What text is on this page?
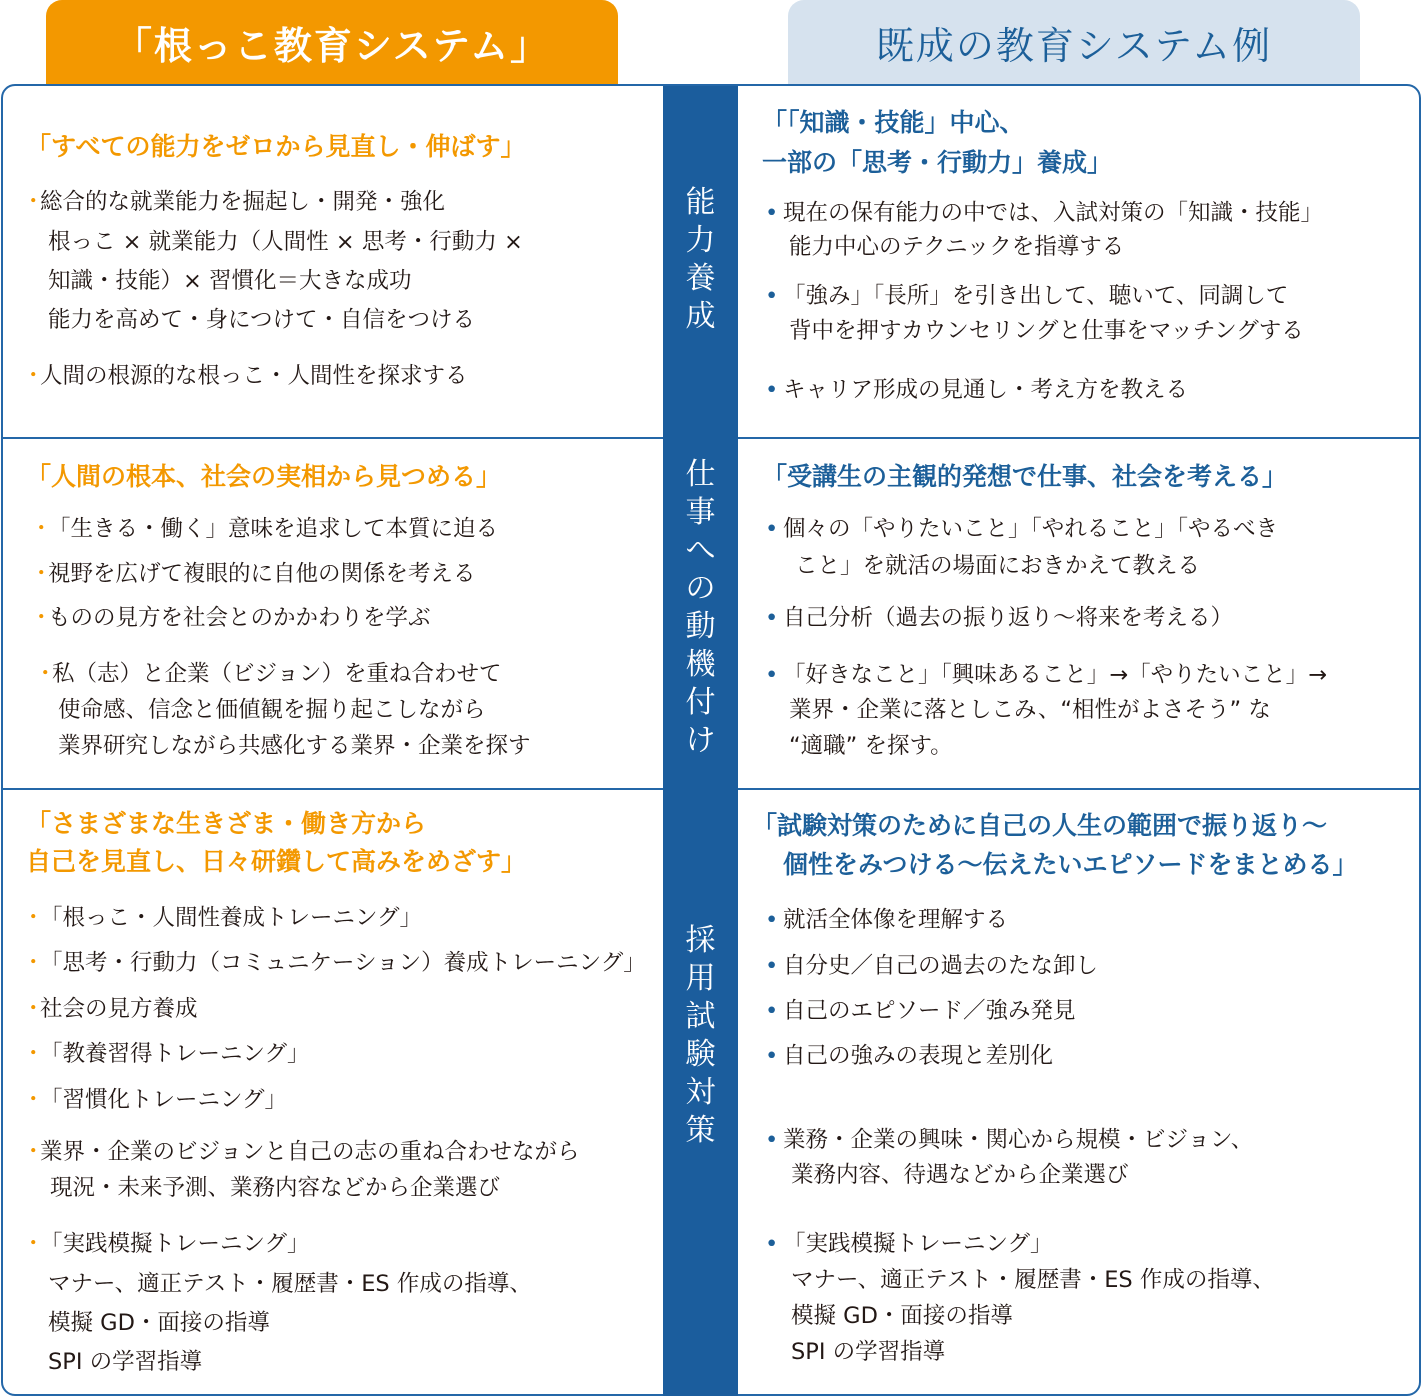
「根っこ教育システム」	既成の教育システム例
能
力
養
成
仕
事
へ
の
動
機
付
け
採
用
試
験
対
策
「すべての能力をゼロから見直し・伸ばす」
・ 総合的な就業能力を掘起し・開発・強化
根っこ × 就業能力（人間性 × 思考・行動力 ×
知識・技能）× 習慣化＝大きな成功
能力を高めて・身につけて・自信をつける
・ 人間の根源的な根っこ・人間性を探求する
「「知識・技能」中心、
一部の「思考・行動力」養成」
• 現在の保有能力の中では、入試対策の「知識・技能」
能力中心のテクニックを指導する
• 「強み」「長所」を引き出して、聴いて、同調して
背中を押すカウンセリングと仕事をマッチングする
• キャリア形成の見通し・考え方を教える
「人間の根本、社会の実相から見つめる」
・ 「生きる・働く」意味を追求して本質に迫る
・ 視野を広げて複眼的に自他の関係を考える
・ ものの見方を社会とのかかわりを学ぶ
・ 私（志）と企業（ビジョン）を重ね合わせて
使命感、信念と価値観を掘り起こしながら
業界研究しながら共感化する業界・企業を探す
「受講生の主観的発想で仕事、社会を考える」
• 個々の「やりたいこと」「やれること」「やるべき
こと」を就活の場面におきかえて教える
• 自己分析（過去の振り返り〜将来を考える）
• 「好きなこと」「興味あること」→「やりたいこと」→
業界・企業に落としこみ、“相性がよさそう” な
“適職” を探す。
「さまざまな生きざま・働き方から
自己を見直し、日々研鑽して高みをめざす」
・ 「根っこ・人間性養成トレーニング」
・ 「思考・行動力（コミュニケーション）養成トレーニング」
・ 社会の見方養成
・ 「教養習得トレーニング」
・ 「習慣化トレーニング」
・ 業界・企業のビジョンと自己の志の重ね合わせながら
現況・未来予測、業務内容などから企業選び
・ 「実践模擬トレーニング」
マナー、適正テスト・履歴書・ES 作成の指導、
模擬 GD・面接の指導
SPI の学習指導
「試験対策のために自己の人生の範囲で振り返り〜
個性をみつける〜伝えたいエピソードをまとめる」
• 就活全体像を理解する
• 自分史／自己の過去のたな卸し
• 自己のエピソード／強み発見
• 自己の強みの表現と差別化
• 業務・企業の興味・関心から規模・ビジョン、
業務内容、待遇などから企業選び
• 「実践模擬トレーニング」
マナー、適正テスト・履歴書・ES 作成の指導、
模擬 GD・面接の指導
SPI の学習指導
